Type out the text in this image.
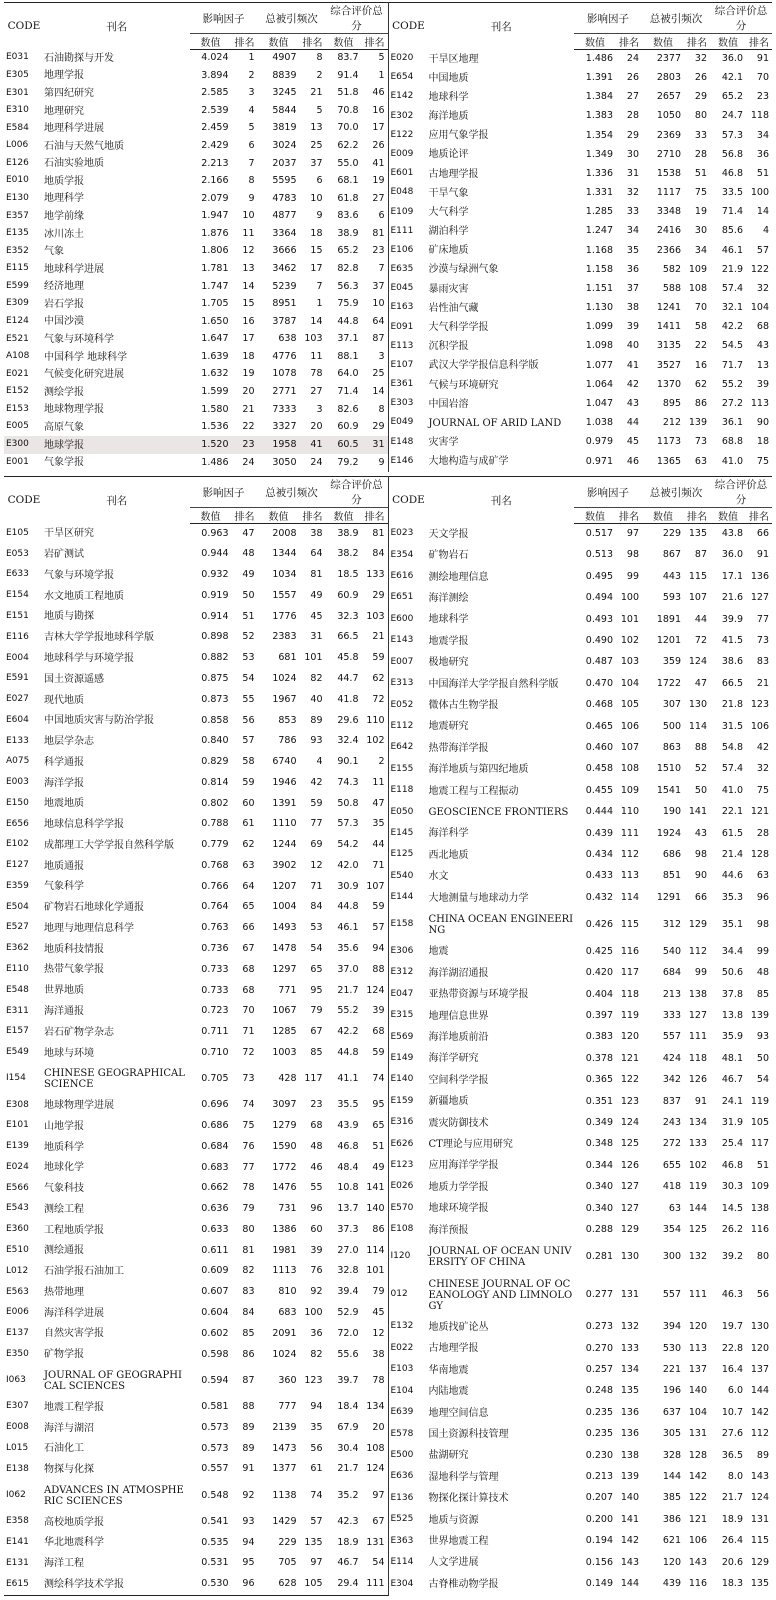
CODE	刊名	影响因子		总被引频次		综合评价总分	
		数值	排名	数值	排名	数值	排名
E031	石油勘探与开发	4.024	1	4907	8	83.7	5
E305	地理学报	3.894	2	8839	2	91.4	1
E301	第四纪研究	2.585	3	3245	21	51.8	46
E310	地理研究	2.539	4	5844	5	70.8	16
E584	地理科学进展	2.459	5	3819	13	70.0	17
L006	石油与天然气地质	2.429	6	3024	25	62.2	26
E126	石油实验地质	2.213	7	2037	37	55.0	41
E010	地质学报	2.166	8	5595	6	68.1	19
E130	地理科学	2.079	9	4783	10	61.8	27
E357	地学前缘	1.947	10	4877	9	83.6	6
E135	冰川冻土	1.876	11	3364	18	38.9	81
E352	气象	1.806	12	3666	15	65.2	23
E115	地球科学进展	1.781	13	3462	17	82.8	7
E599	经济地理	1.747	14	5239	7	56.3	37
E309	岩石学报	1.705	15	8951	1	75.9	10
E124	中国沙漠	1.650	16	3787	14	44.8	64
E521	气象与环境科学	1.647	17	638	103	37.1	87
A108	中国科学 地球科学	1.639	18	4776	11	88.1	3
E021	气候变化研究进展	1.632	19	1078	78	64.0	25
E152	测绘学报	1.599	20	2771	27	71.4	14
E153	地球物理学报	1.580	21	7333	3	82.6	8
E005	高原气象	1.536	22	3327	20	60.9	29
E300	地球学报	1.520	23	1958	41	60.5	31
E001	气象学报	1.486	24	3050	24	79.2	9
CODE	刊名	影响因子		总被引频次		综合评价总分	
		数值	排名	数值	排名	数值	排名
E020	干旱区地理	1.486	24	2377	32	36.0	91
E654	中国地质	1.391	26	2803	26	42.1	70
E142	地球科学	1.384	27	2657	29	65.2	23
E302	海洋地质	1.383	28	1050	80	24.7	118
E122	应用气象学报	1.354	29	2369	33	57.3	34
E009	地质论评	1.349	30	2710	28	56.8	36
E601	古地理学报	1.336	31	1538	51	46.8	51
E048	干旱气象	1.331	32	1117	75	33.5	100
E109	大气科学	1.285	33	3348	19	71.4	14
E111	湖泊科学	1.247	34	2416	30	85.6	4
E106	矿床地质	1.168	35	2366	34	46.1	57
E635	沙漠与绿洲气象	1.158	36	582	109	21.9	122
E045	暴雨灾害	1.151	37	588	108	57.4	32
E163	岩性油气藏	1.130	38	1241	70	32.1	104
E091	大气科学学报	1.099	39	1411	58	42.2	68
E113	沉积学报	1.098	40	3135	22	54.5	43
E107	武汉大学学报信息科学版	1.077	41	3527	16	71.7	13
E361	气候与环境研究	1.064	42	1370	62	55.2	39
E303	中国岩溶	1.047	43	895	86	27.2	113
E049	JOURNAL OF ARID LAND	1.038	44	212	139	36.1	90
E148	灾害学	0.979	45	1173	73	68.8	18
E146	大地构造与成矿学	0.971	46	1365	63	41.0	75
CODE	刊名	影响因子		总被引频次		综合评价总分	
		数值	排名	数值	排名	数值	排名
E105	干旱区研究	0.963	47	2008	38	38.9	81
E053	岩矿测试	0.944	48	1344	64	38.2	84
E633	气象与环境学报	0.932	49	1034	81	18.5	133
E154	水文地质工程地质	0.919	50	1557	49	60.9	29
E151	地质与勘探	0.914	51	1776	45	32.3	103
E116	吉林大学学报地球科学版	0.898	52	2383	31	66.5	21
E004	地球科学与环境学报	0.882	53	681	101	45.8	59
E591	国土资源遥感	0.875	54	1024	82	44.7	62
E027	现代地质	0.873	55	1967	40	41.8	72
E604	中国地质灾害与防治学报	0.858	56	853	89	29.6	110
E133	地层学杂志	0.840	57	786	93	32.4	102
A075	科学通报	0.829	58	6740	4	90.1	2
E003	海洋学报	0.814	59	1946	42	74.3	11
E150	地震地质	0.802	60	1391	59	50.8	47
E656	地球信息科学学报	0.788	61	1110	77	57.3	35
E102	成都理工大学学报自然科学版	0.779	62	1244	69	54.2	44
E127	地质通报	0.768	63	3902	12	42.0	71
E359	气象科学	0.766	64	1207	71	30.9	107
E504	矿物岩石地球化学通报	0.764	65	1004	84	44.8	59
E527	地理与地理信息科学	0.763	66	1493	53	46.1	57
E362	地质科技情报	0.736	67	1478	54	35.6	94
E110	热带气象学报	0.733	68	1297	65	37.0	88
E548	世界地质	0.733	68	771	95	21.7	124
E311	海洋通报	0.723	70	1067	79	55.2	39
E157	岩石矿物学杂志	0.711	71	1285	67	42.2	68
E549	地球与环境	0.710	72	1003	85	44.8	59
I154	CHINESE GEOGRAPHICAL SCIENCE	0.705	73	428	117	41.1	74
E308	地球物理学进展	0.696	74	3097	23	35.5	95
E101	山地学报	0.686	75	1279	68	43.9	65
E139	地质科学	0.684	76	1590	48	46.8	51
E024	地球化学	0.683	77	1772	46	48.4	49
E566	气象科技	0.662	78	1476	55	10.8	141
E543	测绘工程	0.636	79	731	96	13.7	140
E360	工程地质学报	0.633	80	1386	60	37.3	86
E510	测绘通报	0.611	81	1981	39	27.0	114
L012	石油学报石油加工	0.609	82	1113	76	32.8	101
E563	热带地理	0.607	83	810	92	39.4	79
E006	海洋科学进展	0.604	84	683	100	52.9	45
E137	自然灾害学报	0.602	85	2091	36	72.0	12
E350	矿物学报	0.598	86	1024	82	55.6	38
I063	JOURNAL OF GEOGRAPHICAL SCIENCES	0.594	87	360	123	39.7	78
E307	地震工程学报	0.581	88	777	94	18.4	134
E008	海洋与湖沼	0.573	89	2139	35	67.9	20
L015	石油化工	0.573	89	1473	56	30.4	108
E138	物探与化探	0.557	91	1377	61	21.7	124
I062	ADVANCES IN ATMOSPHERIC SCIENCES	0.548	92	1138	74	35.2	97
E358	高校地质学报	0.541	93	1429	57	42.3	67
E141	华北地震科学	0.535	94	229	135	18.9	131
E131	海洋工程	0.531	95	705	97	46.7	54
E615	测绘科学技术学报	0.530	96	628	105	29.4	111
CODE	刊名	影响因子		总被引频次		综合评价总分	
		数值	排名	数值	排名	数值	排名
E023	天文学报	0.517	97	229	135	43.8	66
E354	矿物岩石	0.513	98	867	87	36.0	91
E616	测绘地理信息	0.495	99	443	115	17.1	136
E651	海洋测绘	0.494	100	593	107	21.6	127
E600	地球科学	0.493	101	1891	44	39.9	77
E143	地震学报	0.490	102	1201	72	41.5	73
E007	极地研究	0.487	103	359	124	38.6	83
E313	中国海洋大学学报自然科学版	0.470	104	1722	47	66.5	21
E052	微体古生物学报	0.468	105	307	130	21.8	123
E112	地震研究	0.465	106	500	114	31.5	106
E642	热带海洋学报	0.460	107	863	88	54.8	42
E155	海洋地质与第四纪地质	0.458	108	1510	52	57.4	32
E118	地震工程与工程振动	0.455	109	1541	50	41.0	75
E050	GEOSCIENCE FRONTIERS	0.444	110	190	141	22.1	121
E145	海洋科学	0.439	111	1924	43	61.5	28
E125	西北地质	0.434	112	686	98	21.4	128
E540	水文	0.433	113	851	90	44.6	63
E144	大地测量与地球动力学	0.432	114	1291	66	35.3	96
E158	CHINA OCEAN ENGINEERING	0.426	115	312	129	35.1	98
E306	地震	0.425	116	540	112	34.4	99
E312	海洋湖沼通报	0.420	117	684	99	50.6	48
E047	亚热带资源与环境学报	0.404	118	213	138	37.8	85
E315	地理信息世界	0.397	119	333	127	13.8	139
E569	海洋地质前沿	0.383	120	557	111	35.9	93
E149	海洋学研究	0.378	121	424	118	48.1	50
E140	空间科学学报	0.365	122	342	126	46.7	54
E159	新疆地质	0.351	123	837	91	24.1	119
E316	震灾防御技术	0.349	124	243	134	31.9	105
E626	CT理论与应用研究	0.348	125	272	133	25.4	117
E123	应用海洋学学报	0.344	126	655	102	46.8	51
E026	地质力学学报	0.340	127	418	119	30.3	109
E570	地球环境学报	0.340	127	63	144	14.5	138
E108	海洋预报	0.288	129	354	125	26.2	116
I120	JOURNAL OF OCEAN UNIVERSITY OF CHINA	0.281	130	300	132	39.2	80
012	CHINESE JOURNAL OF OCEANOLOGY AND LIMNOLOGY	0.277	131	557	111	46.3	56
E132	地质找矿论丛	0.273	132	394	120	19.7	130
E022	古地理学报	0.270	133	530	113	22.8	120
E103	华南地震	0.257	134	221	137	16.4	137
E104	内陆地震	0.248	135	196	140	6.0	144
E639	地理空间信息	0.235	136	637	104	10.7	142
E578	国土资源科技管理	0.235	136	305	131	27.6	112
E500	盐湖研究	0.230	138	328	128	36.5	89
E636	湿地科学与管理	0.213	139	144	142	8.0	143
E136	物探化探计算技术	0.207	140	385	122	21.7	124
E525	地质与资源	0.200	141	386	121	18.9	131
E363	世界地震工程	0.194	142	621	106	26.4	115
E114	人文学进展	0.156	143	120	143	20.6	129
E304	古脊椎动物学报	0.149	144	439	116	18.3	135
